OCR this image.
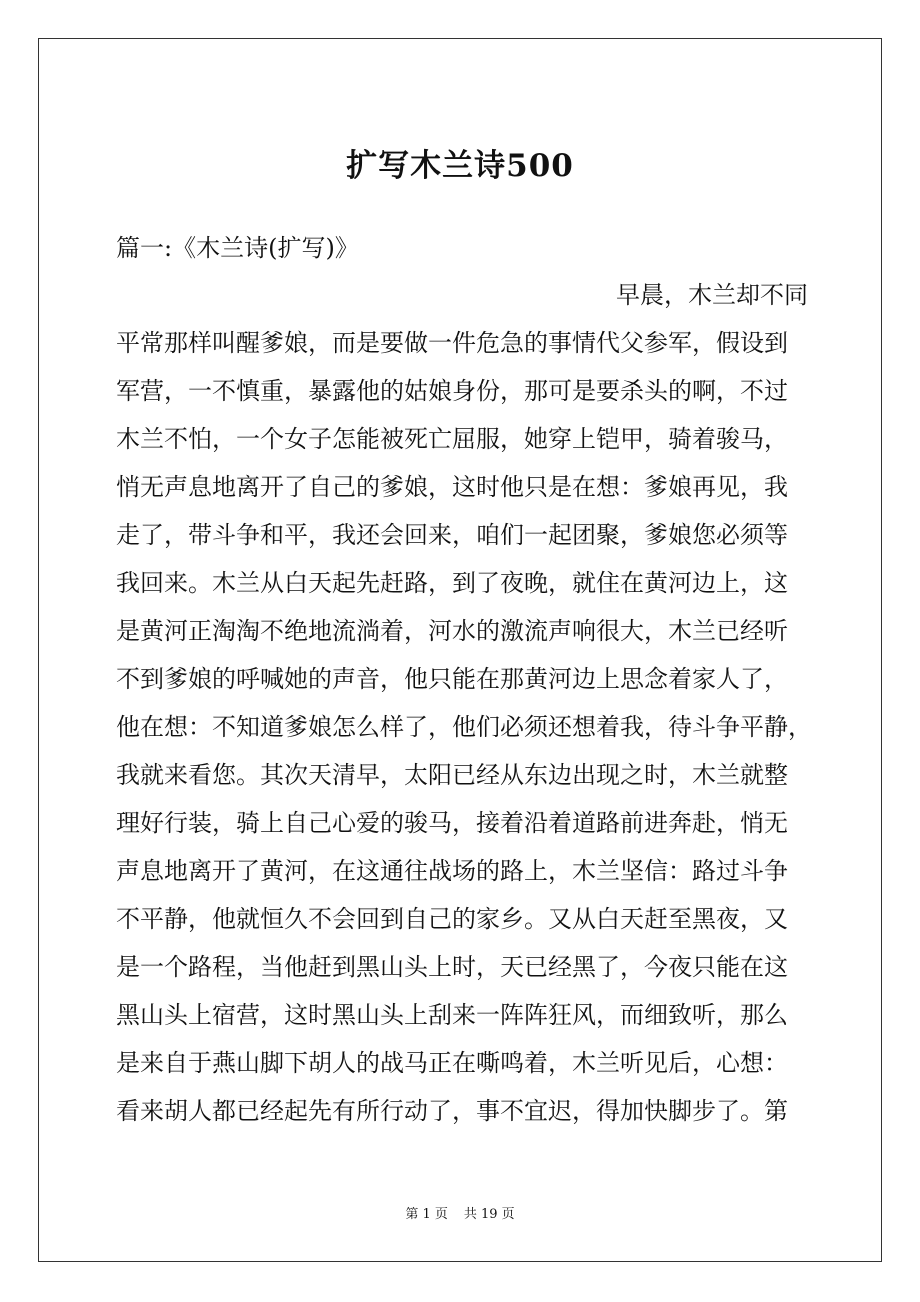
扩写木兰诗500

篇一:《木兰诗(扩写)》

早晨，木兰却不同

平常那样叫醒爹娘，而是要做一件危急的事情代父参军，假设到

军营，一不慎重，暴露他的姑娘身份，那可是要杀头的啊，不过

木兰不怕，一个女子怎能被死亡屈服，她穿上铠甲，骑着骏马，

悄无声息地离开了自己的爹娘，这时他只是在想：爹娘再见，我

走了，带斗争和平，我还会回来，咱们一起团聚，爹娘您必须等

我回来。木兰从白天起先赶路，到了夜晚，就住在黄河边上，这

是黄河正淘淘不绝地流淌着，河水的激流声响很大，木兰已经听

不到爹娘的呼喊她的声音，他只能在那黄河边上思念着家人了，

他在想：不知道爹娘怎么样了，他们必须还想着我，待斗争平静，

我就来看您。其次天清早，太阳已经从东边出现之时，木兰就整

理好行装，骑上自己心爱的骏马，接着沿着道路前进奔赴，悄无

声息地离开了黄河，在这通往战场的路上，木兰坚信：路过斗争

不平静，他就恒久不会回到自己的家乡。又从白天赶至黑夜，又

是一个路程，当他赶到黑山头上时，天已经黑了，今夜只能在这

黑山头上宿营，这时黑山头上刮来一阵阵狂风，而细致听，那么

是来自于燕山脚下胡人的战马正在嘶鸣着，木兰听见后，心想：

看来胡人都已经起先有所行动了，事不宜迟，得加快脚步了。第

第 1 页 共 19 页
